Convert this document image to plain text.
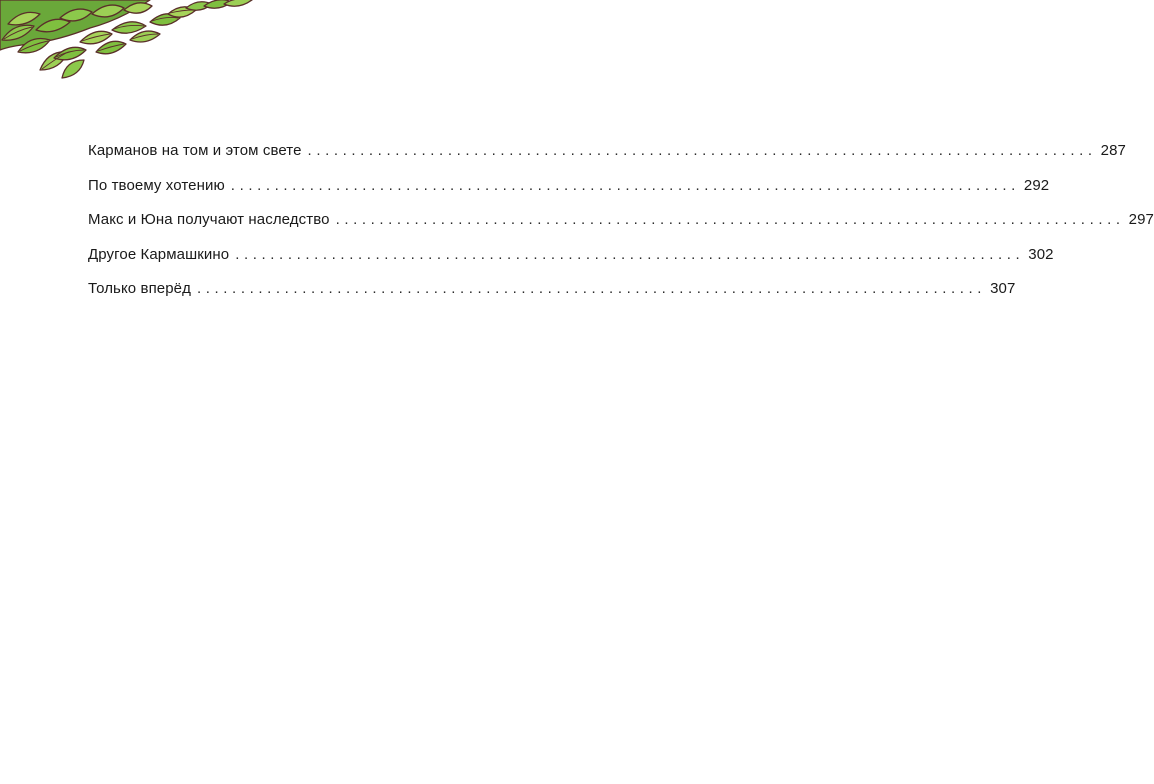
Карманов на том и этом свете .......................................................................................... 287
По твоему хотению .......................................................................................... 292
Макс и Юна получают наследство .......................................................................................... 297
Другое Кармашкино .......................................................................................... 302
Только вперёд .......................................................................................... 307
